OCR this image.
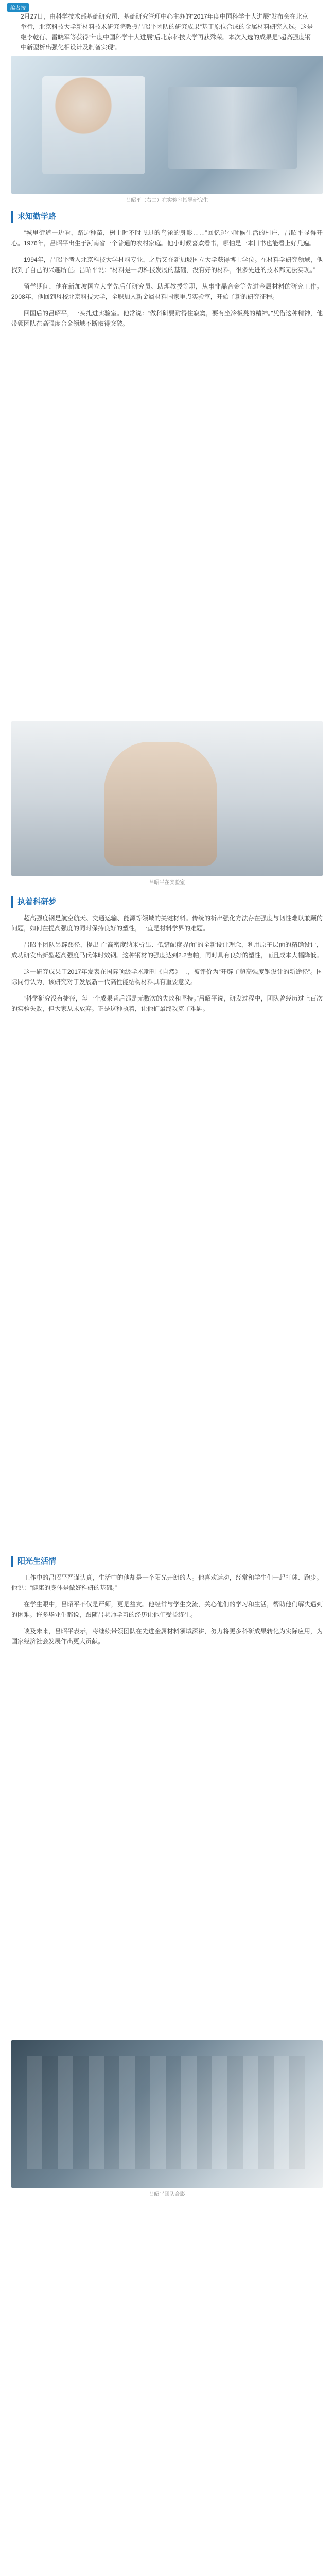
编者按
2月27日，由科学技术部基础研究司、基础研究管理中心主办的“2017年度中国科学十大进展”发布会在北京举行，北京科技大学新材料技术研究院教授吕昭平团队的研究成果“基于原位合成的金属材料研究入选。这是继李乾行、雷晓军等获得“年度中国科学十大进展”后北京科技大学再获殊荣。本次入选的成果是“超高强度钢中新型析出强化相设计及制备实现”。
吕昭平（右二）在实验室指导研究生
求知勤学路

“城里街道一边看，路边种苗，树上时不时飞过的鸟雀的身影……”回忆起小时候生活的村庄，吕昭平显得开心。1976年，吕昭平出生于河南省一个普通的农村家庭。他小时候喜欢看书，哪怕是一本旧书也能看上好几遍。

1994年，吕昭平考入北京科技大学材料专业，之后又在新加坡国立大学获得博士学位。在材料学研究领域，他找到了自己的兴趣所在。吕昭平说：“材料是一切科技发展的基础，没有好的材料，很多先进的技术都无法实现。”

留学期间，他在新加坡国立大学先后任研究员、助理教授等职，从事非晶合金等先进金属材料的研究工作。2008年，他回到母校北京科技大学，全职加入新金属材料国家重点实验室，开始了新的研究征程。

回国后的吕昭平，一头扎进实验室。他常说：“做科研要耐得住寂寞，要有坐冷板凳的精神。”凭借这种精神，他带领团队在高强度合金领域不断取得突破。

吕昭平在实验室
执着科研梦

超高强度钢是航空航天、交通运输、能源等领域的关键材料。传统的析出强化方法存在强度与韧性难以兼顾的问题，如何在提高强度的同时保持良好的塑性，一直是材料学界的难题。

吕昭平团队另辟蹊径，提出了“高密度纳米析出、低错配度界面”的全新设计理念，利用原子层面的精确设计，成功研发出新型超高强度马氏体时效钢。这种钢材的强度达到2.2吉帕，同时具有良好的塑性，而且成本大幅降低。

这一研究成果于2017年发表在国际顶级学术期刊《自然》上，被评价为“开辟了超高强度钢设计的新途径”。国际同行认为，该研究对于发展新一代高性能结构材料具有重要意义。

“科学研究没有捷径，每一个成果背后都是无数次的失败和坚持。”吕昭平说，研发过程中，团队曾经历过上百次的实验失败，但大家从未放弃。正是这种执着，让他们最终攻克了难题。

阳光生活情

工作中的吕昭平严谨认真，生活中的他却是一个阳光开朗的人。他喜欢运动，经常和学生们一起打球、跑步。他说：“健康的身体是做好科研的基础。”

在学生眼中，吕昭平不仅是严师，更是益友。他经常与学生交流，关心他们的学习和生活，帮助他们解决遇到的困难。许多毕业生都说，跟随吕老师学习的经历让他们受益终生。

谈及未来，吕昭平表示，将继续带领团队在先进金属材料领域深耕，努力将更多科研成果转化为实际应用，为国家经济社会发展作出更大贡献。

吕昭平团队合影
